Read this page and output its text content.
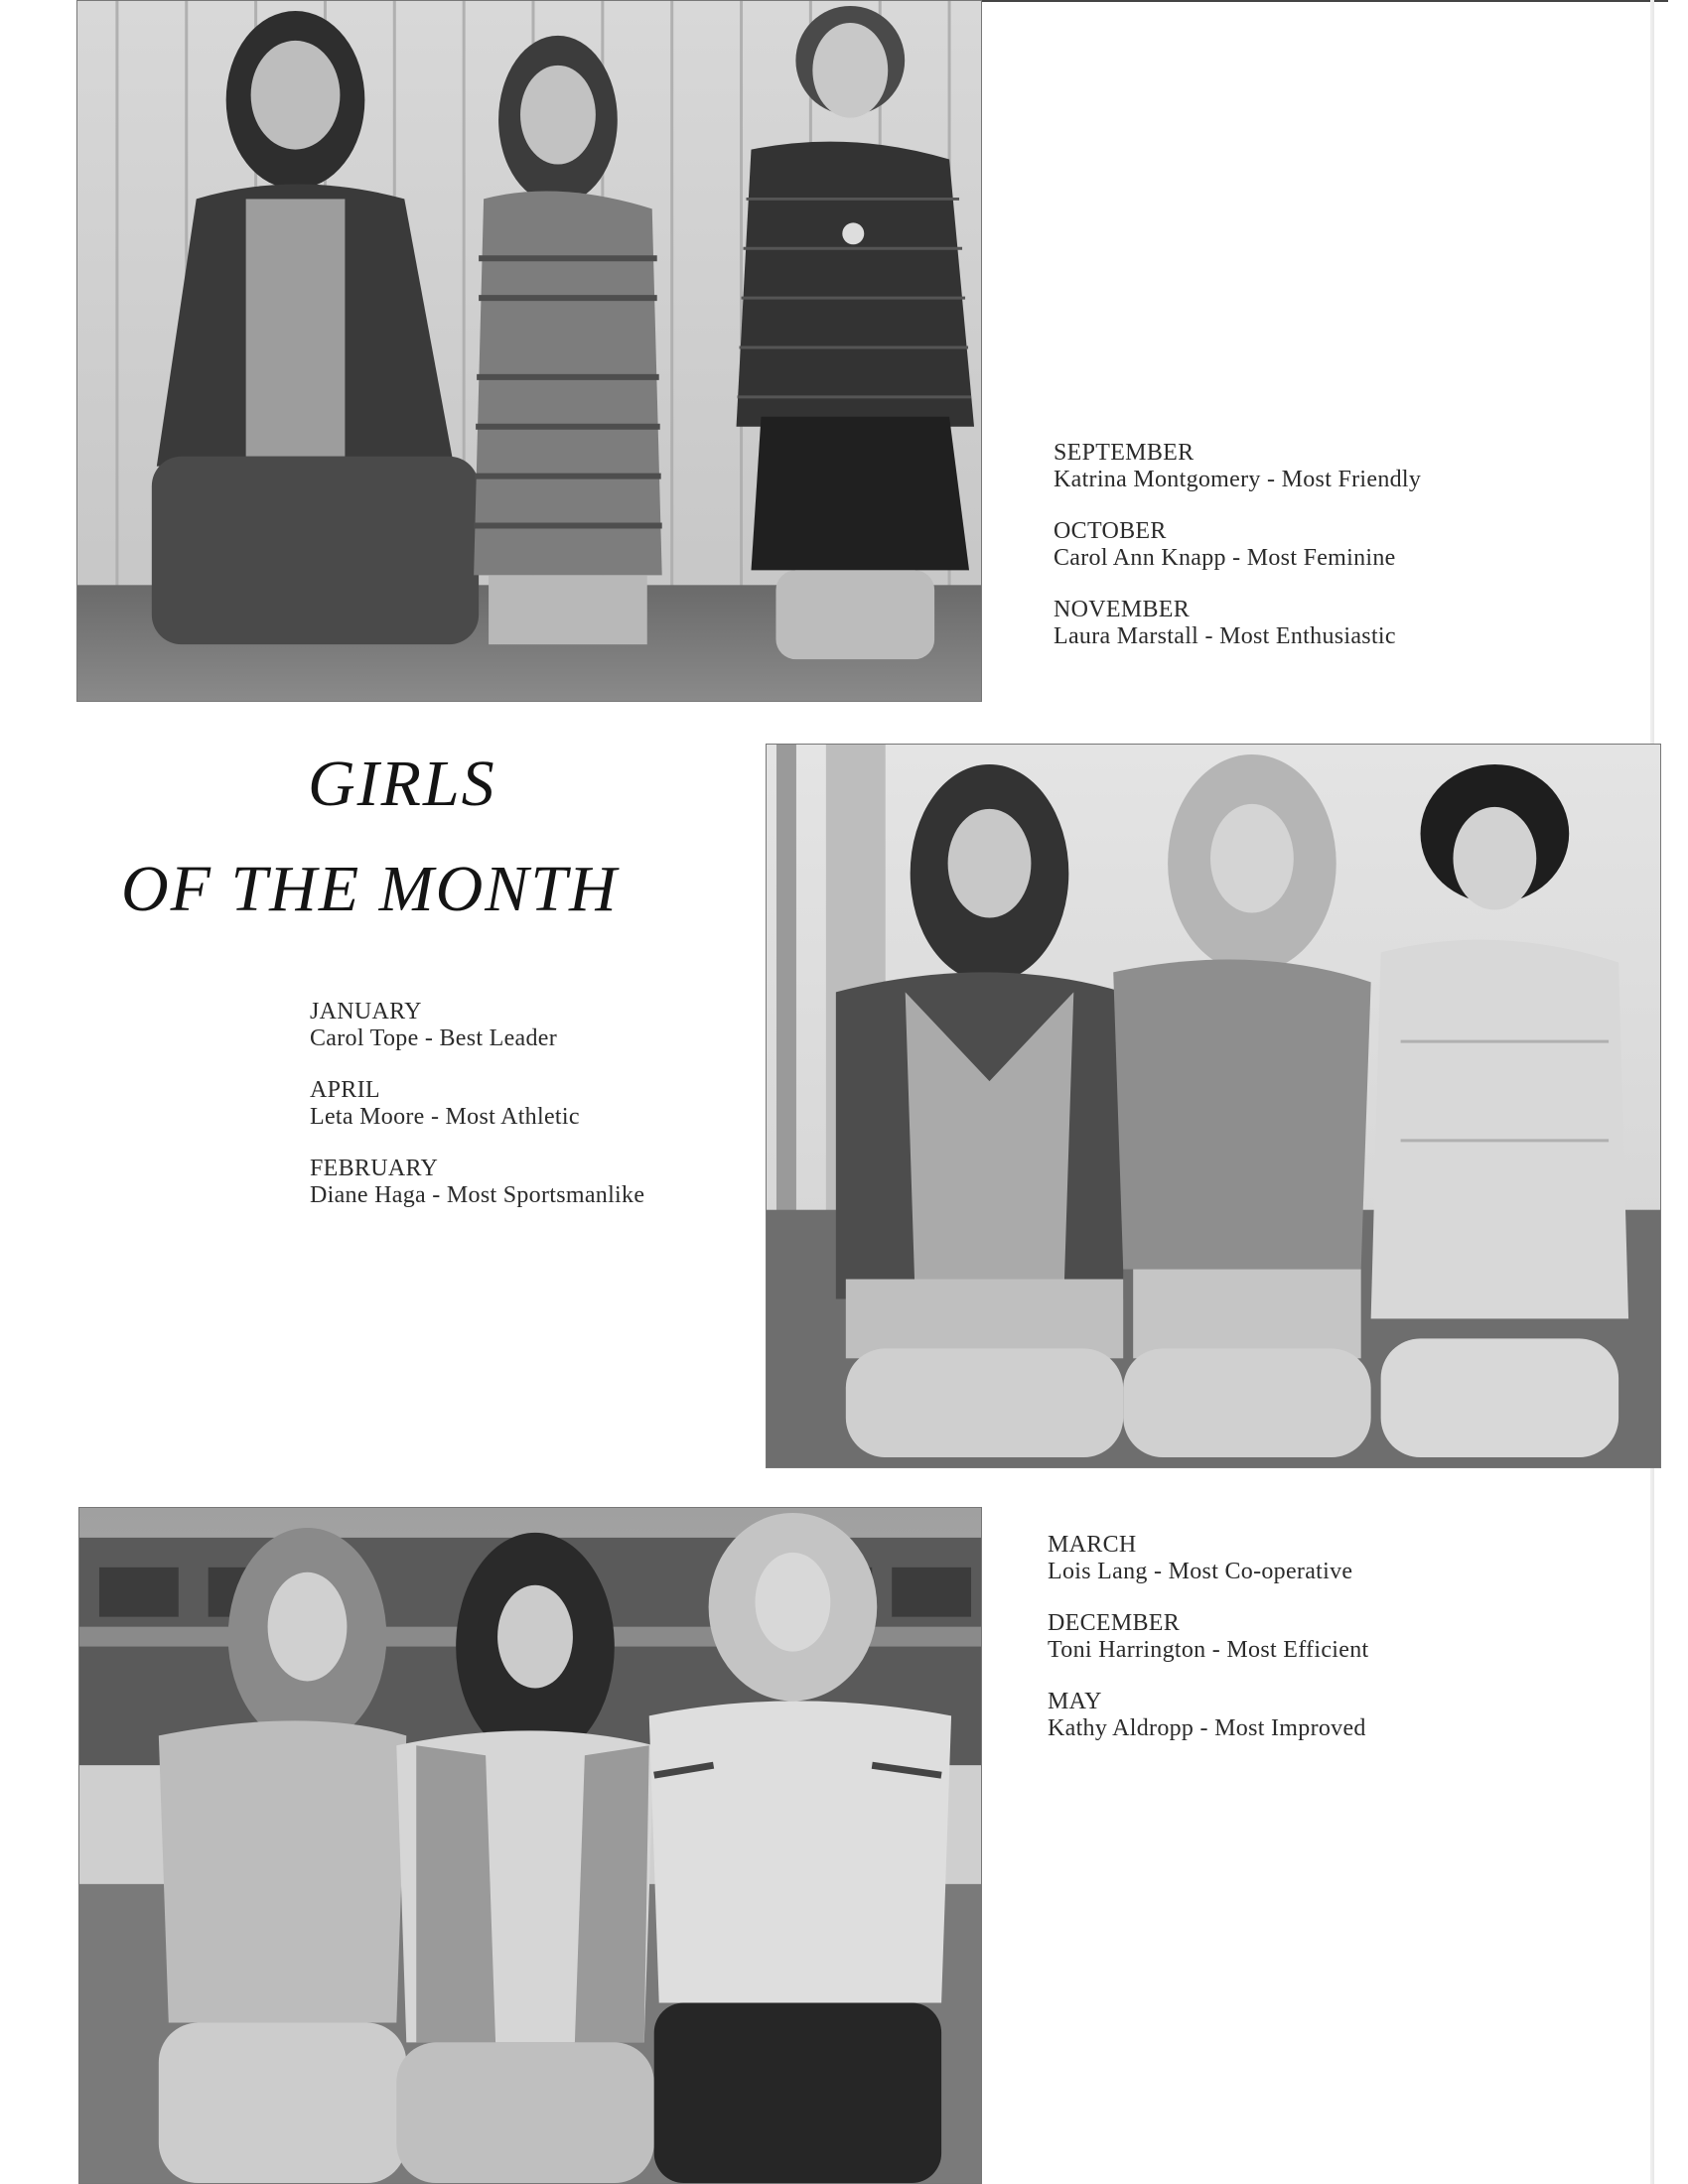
SEPTEMBER
Katrina Montgomery - Most Friendly
OCTOBER
Carol Ann Knapp - Most Feminine
NOVEMBER
Laura Marstall - Most Enthusiastic
GIRLS
OF THE MONTH
JANUARY
Carol Tope - Best Leader
APRIL
Leta Moore - Most Athletic
FEBRUARY
Diane Haga - Most Sportsmanlike
MARCH
Lois Lang - Most Co-operative
DECEMBER
Toni Harrington - Most Efficient
MAY
Kathy Aldropp - Most Improved
